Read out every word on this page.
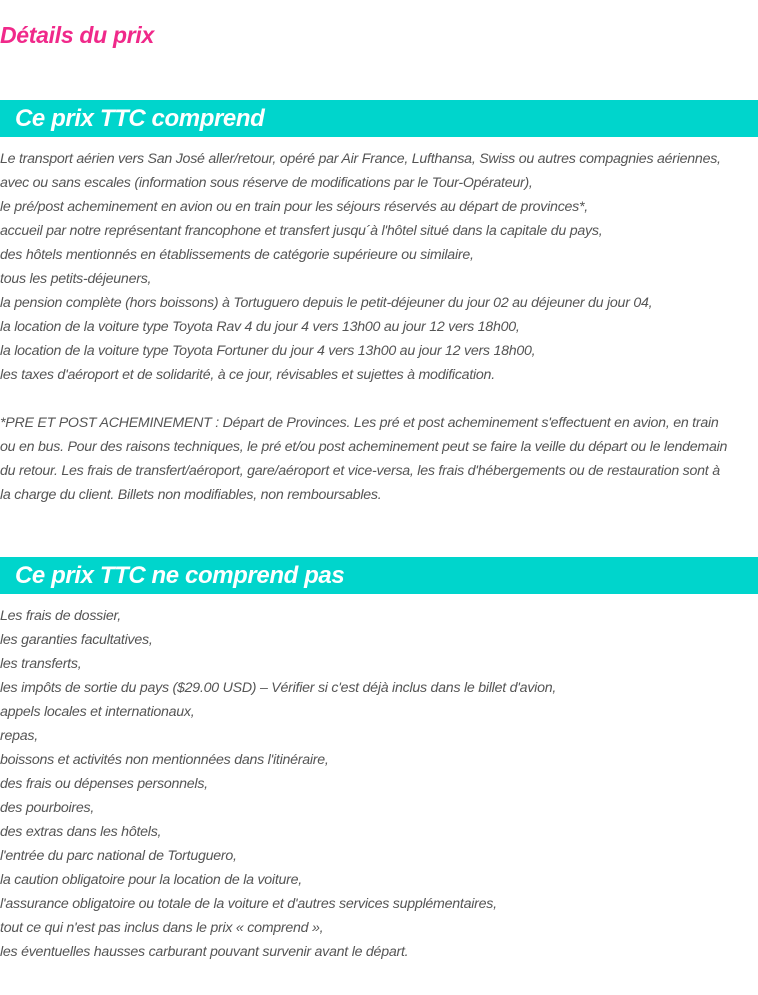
Détails du prix
Ce prix TTC comprend
Le transport aérien vers San José aller/retour, opéré par Air France, Lufthansa, Swiss ou autres compagnies aériennes,
avec ou sans escales (information sous réserve de modifications par le Tour-Opérateur),
le pré/post acheminement en avion ou en train pour les séjours réservés au départ de provinces*,
accueil par notre représentant francophone et transfert jusqu´à l'hôtel situé dans la capitale du pays,
des hôtels mentionnés en établissements de catégorie supérieure ou similaire,
tous les petits-déjeuners,
la pension complète (hors boissons) à Tortuguero depuis le petit-déjeuner du jour 02 au déjeuner du jour 04,
la location de la voiture type Toyota Rav 4 du jour 4 vers 13h00 au jour 12 vers 18h00,
la location de la voiture type Toyota Fortuner du jour 4 vers 13h00 au jour 12 vers 18h00,
les taxes d'aéroport et de solidarité, à ce jour, révisables et sujettes à modification.

*PRE ET POST ACHEMINEMENT : Départ de Provinces. Les pré et post acheminement s'effectuent en avion, en train
ou en bus. Pour des raisons techniques, le pré et/ou post acheminement peut se faire la veille du départ ou le lendemain
du retour. Les frais de transfert/aéroport, gare/aéroport et vice-versa, les frais d'hébergements ou de restauration sont à
la charge du client. Billets non modifiables, non remboursables.

Ce prix TTC ne comprend pas
Les frais de dossier,
les garanties facultatives,
les transferts,
les impôts de sortie du pays ($29.00 USD) – Vérifier si c'est déjà inclus dans le billet d'avion,
appels locales et internationaux,
repas,
boissons et activités non mentionnées dans l'itinéraire,
des frais ou dépenses personnels,
des pourboires,
des extras dans les hôtels,
l'entrée du parc national de Tortuguero,
la caution obligatoire pour la location de la voiture,
l'assurance obligatoire ou totale de la voiture et d'autres services supplémentaires,
tout ce qui n'est pas inclus dans le prix « comprend »,
les éventuelles hausses carburant pouvant survenir avant le départ.
